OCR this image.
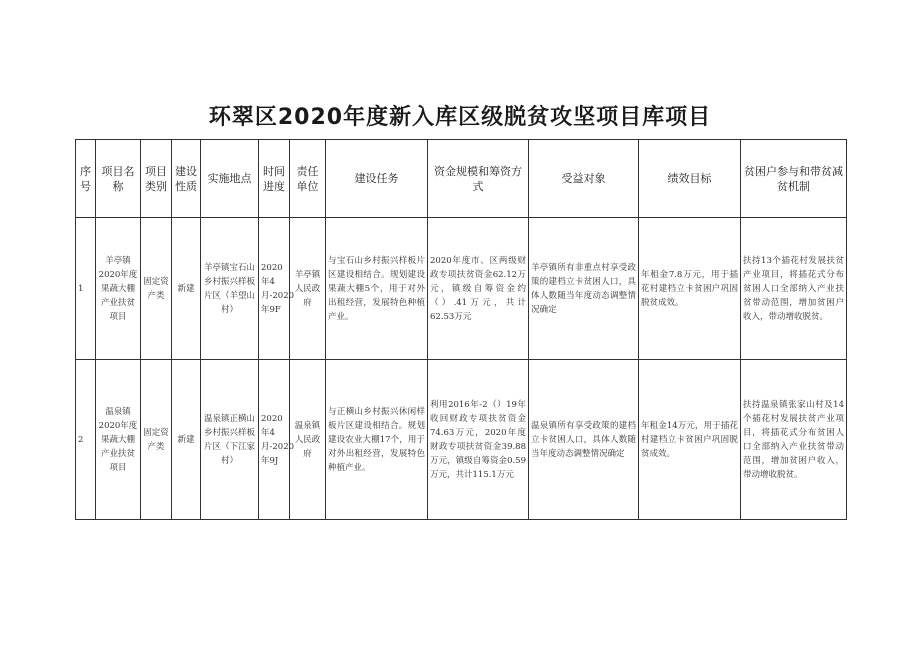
环翠区2020年度新入库区级脱贫攻坚项目库项目
序号	项目名称	项目类别	建设性质	实施地点	时间进度	责任单位	建设任务	资金规模和筹资方式	受益对象	绩效目标	贫困户参与和带贫减贫机制
1	羊亭镇2020年度果蔬大棚产业扶贫项目	固定资产类	新建	羊亭镇宝石山乡村振兴样板片区（羊望山村）	2020年4月-2020年9F	羊亭镇人民政府	与宝石山乡村振兴样板片区建设相结合。规划建设果蔬大棚5个，用于对外出租经营，发展特色种植产业。	2020年度市、区两级财政专项扶贫资金62.12万元，镇级自筹资金约（）.41万元，共计62.53万元	羊亭镇所有非重点村享受政策的建档立卡贫困人口，具体人数随当年度动态调整情况确定	年租金7.8万元，用于插花村建档立卡贫困户巩固脱贫成效。	扶持13个插花村发展扶贫产业项目，将插花式分布贫困人口全部纳入产业扶贫带动范围，增加贫困户收入，带动增收脱贫。
2	温泉镇2020年度果蔬大棚产业扶贫项目	固定资产类	新建	温泉镇正横山乡村振兴样板片区（下江家村）	2020年4月-2020年9J	温泉镇人民政府	与正横山乡村振兴休闲样板片区建设相结合。规划建设农业大棚17个，用于对外出租经营，发展特色种植产业。	利用2016年-2（）19年收回财政专项扶贫资金74.63万元，2020年度财政专项扶贫资金39.88万元，镇级自筹资金0.59万元，共计115.1万元	温泉镇所有享受政策的建档立卡贫困人口，具体人数随当年度动态调整情况确定	年租金14万元，用于插花村建档立卡贫困户巩固脱贫成效。	扶持温泉镇张家山村及14个插花村发展扶贫产业项目，将插花式分布贫困人口全部纳入产业扶贫带动范围，增加贫困户收入，带动增收脱贫。
